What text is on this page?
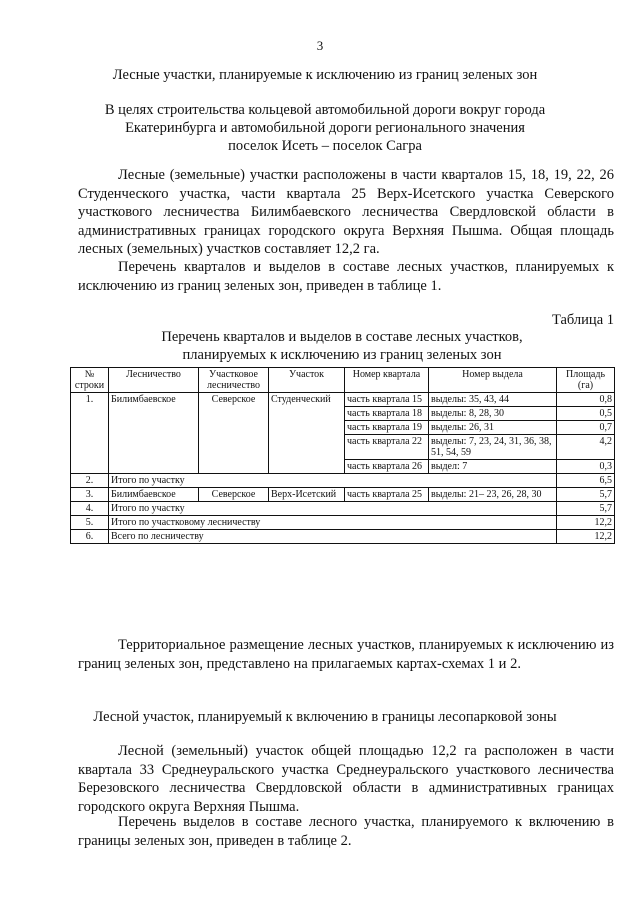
3
Лесные участки, планируемые к исключению из границ зеленых зон
В целях строительства кольцевой автомобильной дороги вокруг города
Екатеринбурга и автомобильной дороги регионального значения
поселок Исеть – поселок Сагра
Лесные (земельные) участки расположены в части кварталов 15, 18, 19, 22, 26 Студенческого участка, части квартала 25 Верх-Исетского участка Северского участкового лесничества Билимбаевского лесничества Свердловской области в административных границах городского округа Верхняя Пышма. Общая площадь лесных (земельных) участков составляет 12,2 га.
Перечень кварталов и выделов в составе лесных участков, планируемых к исключению из границ зеленых зон, приведен в таблице 1.
Таблица 1
Перечень кварталов и выделов в составе лесных участков,
планируемых к исключению из границ зеленых зон
№ строки	Лесничество	Участковое лесничество	Участок	Номер квартала	Номер выдела	Площадь (га)
1.	Билимбаевское	Северское	Студенческий	часть квартала 15	выделы: 35, 43, 44	0,8
				часть квартала 18	выделы: 8, 28, 30	0,5
				часть квартала 19	выделы: 26, 31	0,7
				часть квартала 22	выделы: 7, 23, 24, 31, 36, 38, 51, 54, 59	4,2
				часть квартала 26	выдел: 7	0,3
2.	Итого по участку					6,5
3.	Билимбаевское	Северское	Верх-Исетский	часть квартала 25	выделы: 21– 23, 26, 28, 30	5,7
4.	Итого по участку					5,7
5.	Итого по участковому лесничеству					12,2
6.	Всего по лесничеству					12,2
Территориальное размещение лесных участков, планируемых к исключению из границ зеленых зон, представлено на прилагаемых картах-схемах 1 и 2.
Лесной участок, планируемый к включению в границы лесопарковой зоны
Лесной (земельный) участок общей площадью 12,2 га расположен в части квартала 33 Среднеуральского участка Среднеуральского участкового лесничества Березовского лесничества Свердловской области в административных границах городского округа Верхняя Пышма.
Перечень выделов в составе лесного участка, планируемого к включению в границы зеленых зон, приведен в таблице 2.
